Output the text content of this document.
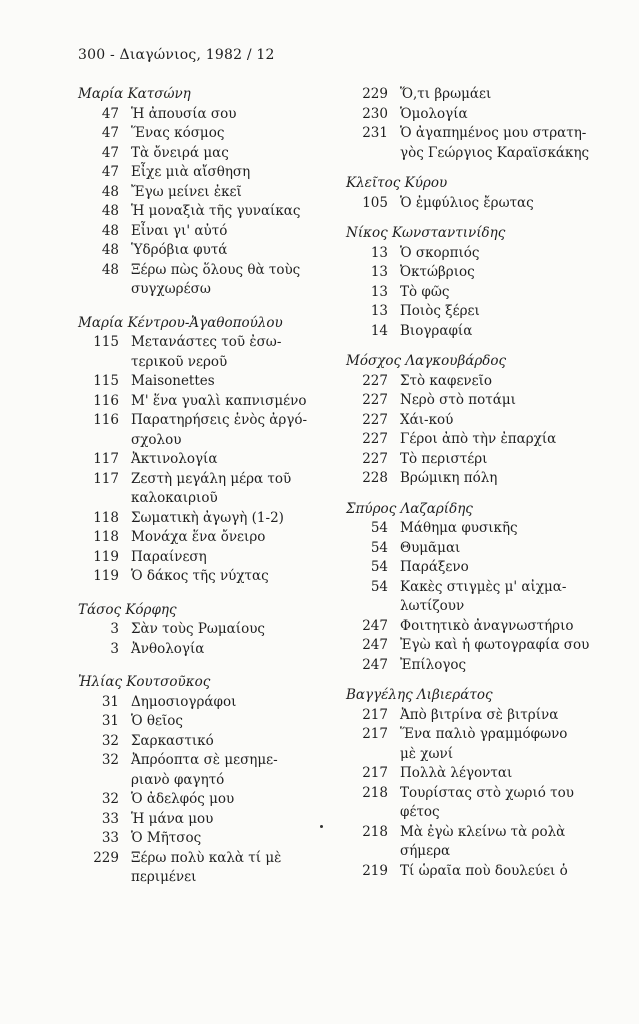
300 - Διαγώνιος, 1982 / 12
Μαρία Κατσώνη
47 Ἡ ἀπουσία σου
47 Ἕνας κόσμος
47 Τὰ ὄνειρά μας
47 Εἶχε μιὰ αἴσθηση
48 Ἔγω μείνει ἐκεῖ
48 Ἡ μοναξιὰ τῆς γυναίκας
48 Εἶναι γι' αὐτό
48 Ὑδρόβια φυτά
48 Ξέρω πὼς ὅλους θὰ τοὺς
συγχωρέσω
Μαρία Κέντρου-Ἀγαθοπούλου
115 Μετανάστες τοῦ ἐσω-
τερικοῦ νεροῦ
115 Maisonettes
116 Μ' ἕνα γυαλὶ καπνισμένο
116 Παρατηρήσεις ἑνὸς ἀργό-
σχολου
117 Ἀκτινολογία
117 Ζεστὴ μεγάλη μέρα τοῦ
καλοκαιριοῦ
118 Σωματικὴ ἀγωγὴ (1-2)
118 Μονάχα ἕνα ὄνειρο
119 Παραίνεση
119 Ὁ δάκος τῆς νύχτας
Τάσος Κόρφης
3 Σὰν τοὺς Ρωμαίους
3 Ἀνθολογία
Ἠλίας Κουτσοῦκος
31 Δημοσιογράφοι
31 Ὁ θεῖος
32 Σαρκαστικό
32 Ἀπρόοπτα σὲ μεσημε-
ριανὸ φαγητό
32 Ὁ ἀδελφός μου
33 Ἡ μάνα μου
33 Ὁ Μῆτσος
229 Ξέρω πολὺ καλὰ τί μὲ
περιμένει
229 Ὅ,τι βρωμάει
230 Ὁμολογία
231 Ὁ ἀγαπημένος μου στρατη-
γὸς Γεώργιος Καραϊσκάκης
Κλεῖτος Κύρου
105 Ὁ ἐμφύλιος ἔρωτας
Νίκος Κωνσταντινίδης
13 Ὁ σκορπιός
13 Ὀκτώβριος
13 Τὸ φῶς
13 Ποιὸς ξέρει
14 Βιογραφία
Μόσχος Λαγκουβάρδος
227 Στὸ καφενεῖο
227 Νερὸ στὸ ποτάμι
227 Χάι-κού
227 Γέροι ἀπὸ τὴν ἐπαρχία
227 Τὸ περιστέρι
228 Βρώμικη πόλη
Σπύρος Λαζαρίδης
54 Μάθημα φυσικῆς
54 Θυμᾶμαι
54 Παράξενο
54 Κακὲς στιγμὲς μ' αἰχμα-
λωτίζουν
247 Φοιτητικὸ ἀναγνωστήριο
247 Ἐγὼ καὶ ἡ φωτογραφία σου
247 Ἐπίλογος
Βαγγέλης Λιβιεράτος
217 Ἀπὸ βιτρίνα σὲ βιτρίνα
217 Ἕνα παλιὸ γραμμόφωνο
μὲ χωνί
217 Πολλὰ λέγονται
218 Τουρίστας στὸ χωριό του
φέτος
218 Μὰ ἐγὼ κλείνω τὰ ρολὰ
σήμερα
219 Τί ὡραῖα ποὺ δουλεύει ὁ
